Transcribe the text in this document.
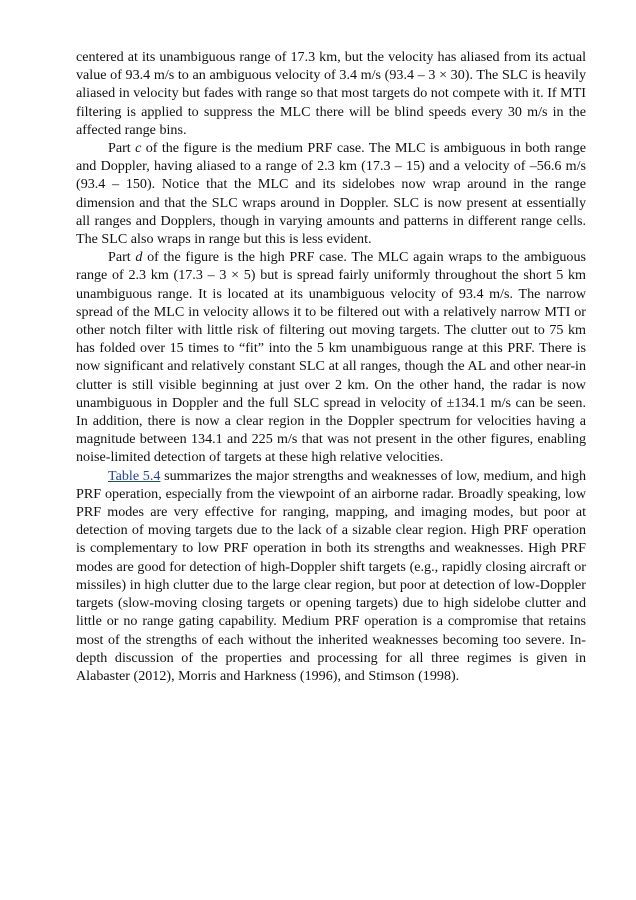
centered at its unambiguous range of 17.3 km, but the velocity has aliased from its actual value of 93.4 m/s to an ambiguous velocity of 3.4 m/s (93.4 – 3 × 30). The SLC is heavily aliased in velocity but fades with range so that most targets do not compete with it. If MTI filtering is applied to suppress the MLC there will be blind speeds every 30 m/s in the affected range bins.

Part c of the figure is the medium PRF case. The MLC is ambiguous in both range and Doppler, having aliased to a range of 2.3 km (17.3 – 15) and a velocity of –56.6 m/s (93.4 – 150). Notice that the MLC and its sidelobes now wrap around in the range dimension and that the SLC wraps around in Doppler. SLC is now present at essentially all ranges and Dopplers, though in varying amounts and patterns in different range cells. The SLC also wraps in range but this is less evident.

Part d of the figure is the high PRF case. The MLC again wraps to the ambiguous range of 2.3 km (17.3 – 3 × 5) but is spread fairly uniformly throughout the short 5 km unambiguous range. It is located at its unambiguous velocity of 93.4 m/s. The narrow spread of the MLC in velocity allows it to be filtered out with a relatively narrow MTI or other notch filter with little risk of filtering out moving targets. The clutter out to 75 km has folded over 15 times to “fit” into the 5 km unambiguous range at this PRF. There is now significant and relatively constant SLC at all ranges, though the AL and other near-in clutter is still visible beginning at just over 2 km. On the other hand, the radar is now unambiguous in Doppler and the full SLC spread in velocity of ±134.1 m/s can be seen. In addition, there is now a clear region in the Doppler spectrum for velocities having a magnitude between 134.1 and 225 m/s that was not present in the other figures, enabling noise-limited detection of targets at these high relative velocities.

Table 5.4 summarizes the major strengths and weaknesses of low, medium, and high PRF operation, especially from the viewpoint of an airborne radar. Broadly speaking, low PRF modes are very effective for ranging, mapping, and imaging modes, but poor at detection of moving targets due to the lack of a sizable clear region. High PRF operation is complementary to low PRF operation in both its strengths and weaknesses. High PRF modes are good for detection of high-Doppler shift targets (e.g., rapidly closing aircraft or missiles) in high clutter due to the large clear region, but poor at detection of low-Doppler targets (slow-moving closing targets or opening targets) due to high sidelobe clutter and little or no range gating capability. Medium PRF operation is a compromise that retains most of the strengths of each without the inherited weaknesses becoming too severe. In-depth discussion of the properties and processing for all three regimes is given in Alabaster (2012), Morris and Harkness (1996), and Stimson (1998).
